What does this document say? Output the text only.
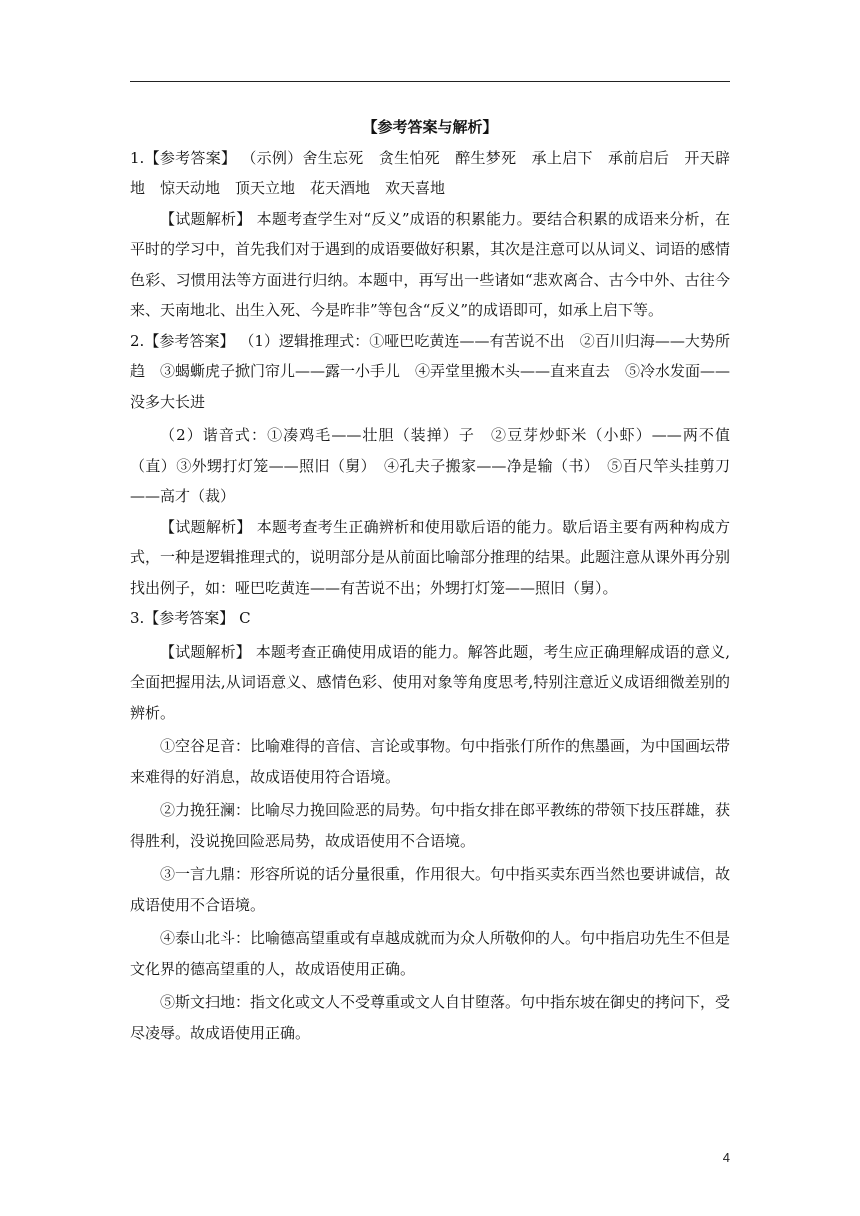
【参考答案与解析】

1.【参考答案】 （示例）舍生忘死　贪生怕死　醉生梦死　承上启下　承前启后　开天辟地　惊天动地　顶天立地　花天酒地　欢天喜地

【试题解析】 本题考查学生对“反义”成语的积累能力。要结合积累的成语来分析，在平时的学习中，首先我们对于遇到的成语要做好积累，其次是注意可以从词义、词语的感情色彩、习惯用法等方面进行归纳。本题中，再写出一些诸如“悲欢离合、古今中外、古往今来、天南地北、出生入死、今是昨非”等包含“反义”的成语即可，如承上启下等。

2.【参考答案】 （1）逻辑推理式：①哑巴吃黄连——有苦说不出　②百川归海——大势所趋　③蝎蟖虎子掀门帘儿——露一小手儿　④弄堂里搬木头——直来直去　⑤冷水发面——没多大长进

（2）谐音式：①凑鸡毛——壮胆（装掸）子　②豆芽炒虾米（小虾）——两不值（直）③外甥打灯笼——照旧（舅）　④孔夫子搬家——净是输（书）　⑤百尺竿头挂剪刀——高才（裁）

【试题解析】 本题考查考生正确辨析和使用歇后语的能力。歇后语主要有两种构成方式，一种是逻辑推理式的，说明部分是从前面比喻部分推理的结果。此题注意从课外再分别找出例子，如：哑巴吃黄连——有苦说不出；外甥打灯笼——照旧（舅）。

3.【参考答案】 C

【试题解析】 本题考查正确使用成语的能力。解答此题，考生应正确理解成语的意义,全面把握用法,从词语意义、感情色彩、使用对象等角度思考,特别注意近义成语细微差别的辨析。

①空谷足音：比喻难得的音信、言论或事物。句中指张仃所作的焦墨画，为中国画坛带来难得的好消息，故成语使用符合语境。

②力挽狂澜：比喻尽力挽回险恶的局势。句中指女排在郎平教练的带领下技压群雄，获得胜利，没说挽回险恶局势，故成语使用不合语境。

③一言九鼎：形容所说的话分量很重，作用很大。句中指买卖东西当然也要讲诚信，故成语使用不合语境。

④泰山北斗：比喻德高望重或有卓越成就而为众人所敬仰的人。句中指启功先生不但是文化界的德高望重的人，故成语使用正确。

⑤斯文扫地：指文化或文人不受尊重或文人自甘堕落。句中指东坡在御史的拷问下，受尽凌辱。故成语使用正确。

4
